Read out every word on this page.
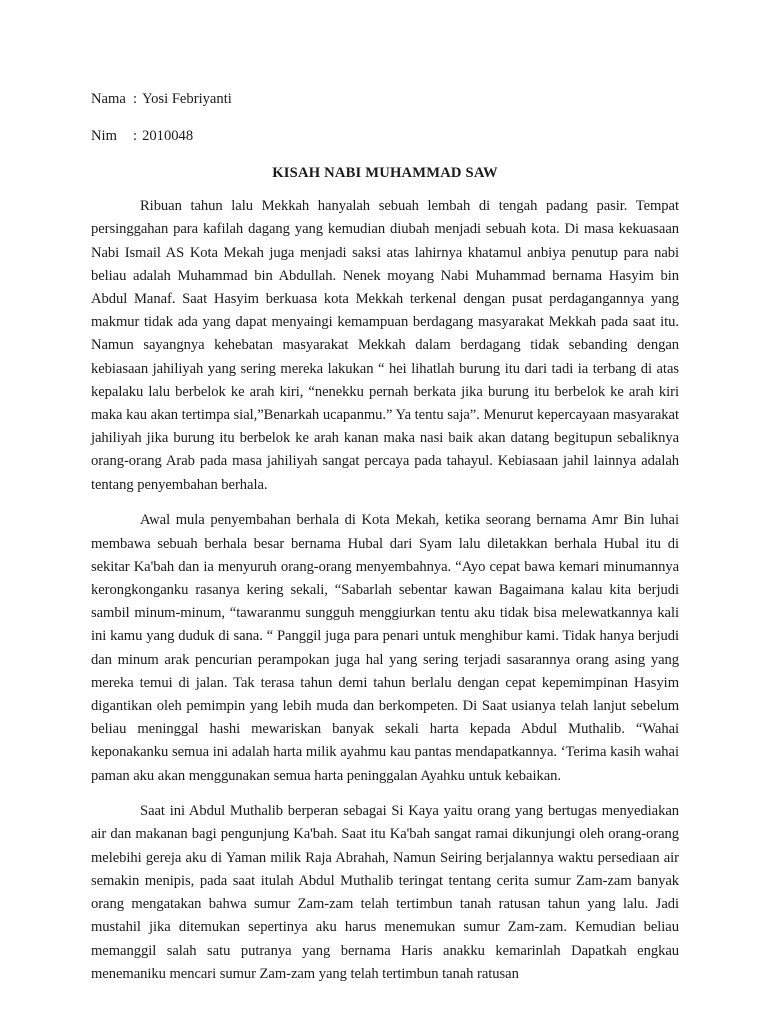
Nama : Yosi Febriyanti
Nim	: 2010048
KISAH NABI MUHAMMAD SAW

Ribuan tahun lalu Mekkah hanyalah sebuah lembah di tengah padang pasir. Tempat persinggahan para kafilah dagang yang kemudian diubah menjadi sebuah kota. Di masa kekuasaan Nabi Ismail AS Kota Mekah juga menjadi saksi atas lahirnya khatamul anbiya penutup para nabi beliau adalah Muhammad bin Abdullah. Nenek moyang Nabi Muhammad bernama Hasyim bin Abdul Manaf. Saat Hasyim berkuasa kota Mekkah terkenal dengan pusat perdagangannya yang makmur tidak ada yang dapat menyaingi kemampuan berdagang masyarakat Mekkah pada saat itu. Namun sayangnya kehebatan masyarakat Mekkah dalam berdagang tidak sebanding dengan kebiasaan jahiliyah yang sering mereka lakukan “ hei lihatlah burung itu dari tadi ia terbang di atas kepalaku lalu berbelok ke arah kiri, “nenekku pernah berkata jika burung itu berbelok ke arah kiri maka kau akan tertimpa sial,”Benarkah ucapanmu.” Ya tentu saja”. Menurut kepercayaan masyarakat jahiliyah jika burung itu berbelok ke arah kanan maka nasi baik akan datang begitupun sebaliknya orang-orang Arab pada masa jahiliyah sangat percaya pada tahayul. Kebiasaan jahil lainnya adalah tentang penyembahan berhala.

Awal mula penyembahan berhala di Kota Mekah, ketika seorang bernama Amr Bin luhai membawa sebuah berhala besar bernama Hubal dari Syam lalu diletakkan berhala Hubal itu di sekitar Ka'bah dan ia menyuruh orang-orang menyembahnya. “Ayo cepat bawa kemari minumannya kerongkonganku rasanya kering sekali, “Sabarlah sebentar kawan Bagaimana kalau kita berjudi sambil minum-minum, “tawaranmu sungguh menggiurkan tentu aku tidak bisa melewatkannya kali ini kamu yang duduk di sana. “ Panggil juga para penari untuk menghibur kami. Tidak hanya berjudi dan minum arak pencurian perampokan juga hal yang sering terjadi sasarannya orang asing yang mereka temui di jalan. Tak terasa tahun demi tahun berlalu dengan cepat kepemimpinan Hasyim digantikan oleh pemimpin yang lebih muda dan berkompeten. Di Saat usianya telah lanjut sebelum beliau meninggal hashi mewariskan banyak sekali harta kepada Abdul Muthalib. “Wahai keponakanku semua ini adalah harta milik ayahmu kau pantas mendapatkannya. ‘Terima kasih wahai paman aku akan menggunakan semua harta peninggalan Ayahku untuk kebaikan.

Saat ini Abdul Muthalib berperan sebagai Si Kaya yaitu orang yang bertugas menyediakan air dan makanan bagi pengunjung Ka'bah. Saat itu Ka'bah sangat ramai dikunjungi oleh orang-orang melebihi gereja aku di Yaman milik Raja Abrahah, Namun Seiring berjalannya waktu persediaan air semakin menipis, pada saat itulah Abdul Muthalib teringat tentang cerita sumur Zam-zam banyak orang mengatakan bahwa sumur Zam-zam telah tertimbun tanah ratusan tahun yang lalu. Jadi mustahil jika ditemukan sepertinya aku harus menemukan sumur Zam-zam. Kemudian beliau memanggil salah satu putranya yang bernama Haris anakku kemarinlah Dapatkah engkau menemaniku mencari sumur Zam-zam yang telah tertimbun tanah ratusan
